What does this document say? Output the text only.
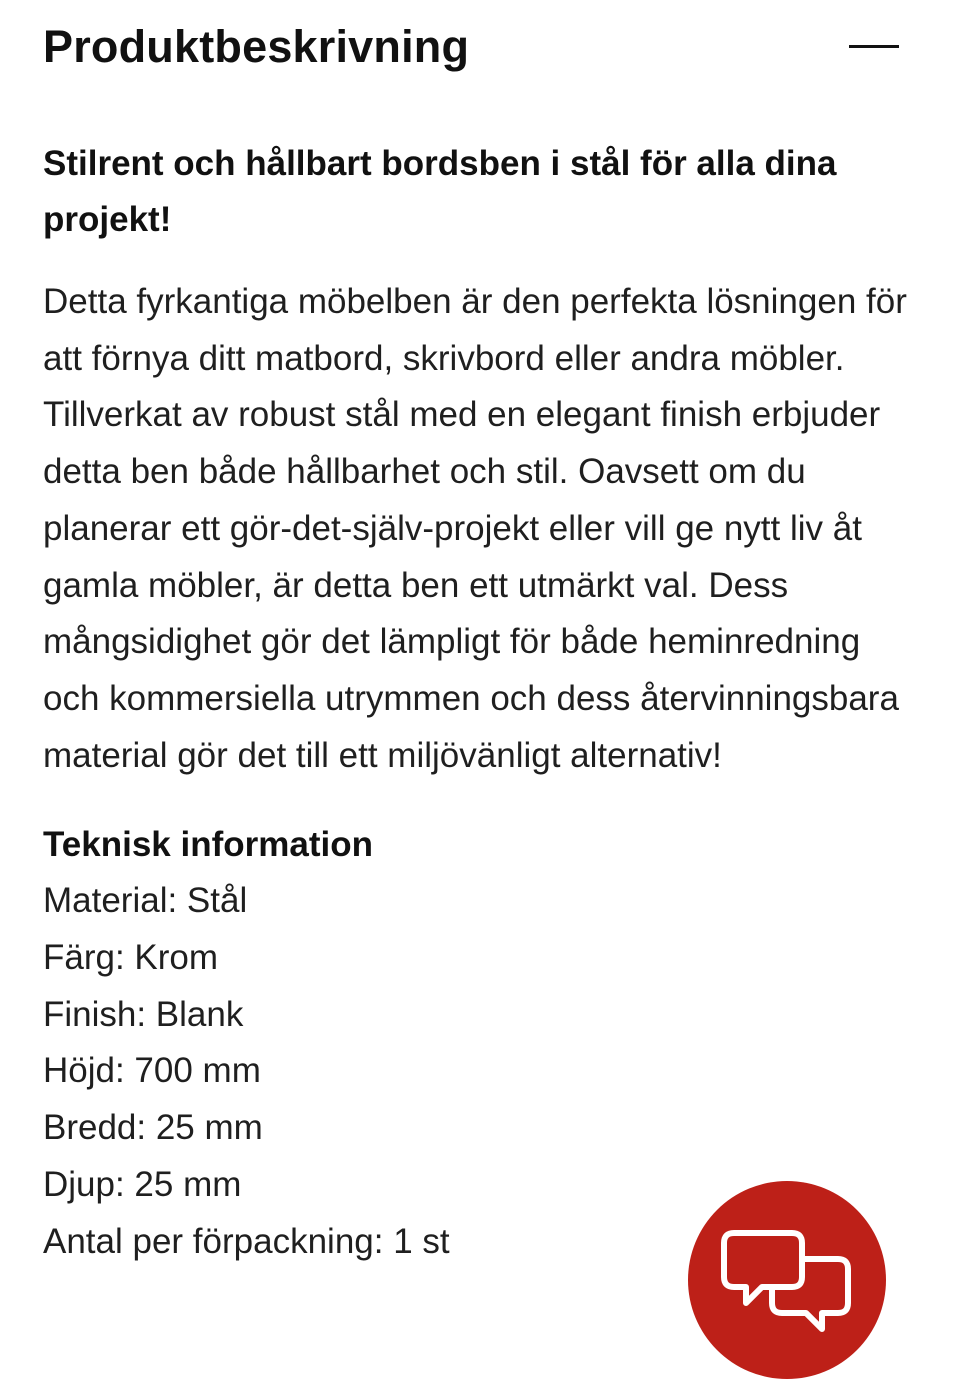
Produktbeskrivning

Stilrent och hållbart bordsben i stål för alla dina projekt!

Detta fyrkantiga möbelben är den perfekta lösningen för att förnya ditt matbord, skrivbord eller andra möbler. Tillverkat av robust stål med en elegant finish erbjuder detta ben både hållbarhet och stil. Oavsett om du planerar ett gör-det-själv-projekt eller vill ge nytt liv åt gamla möbler, är detta ben ett utmärkt val. Dess mångsidighet gör det lämpligt för både heminredning och kommersiella utrymmen och dess återvinningsbara material gör det till ett miljövänligt alternativ!

Teknisk information

Material: Stål
Färg: Krom
Finish: Blank
Höjd: 700 mm
Bredd: 25 mm
Djup: 25 mm
Antal per förpackning: 1 st
